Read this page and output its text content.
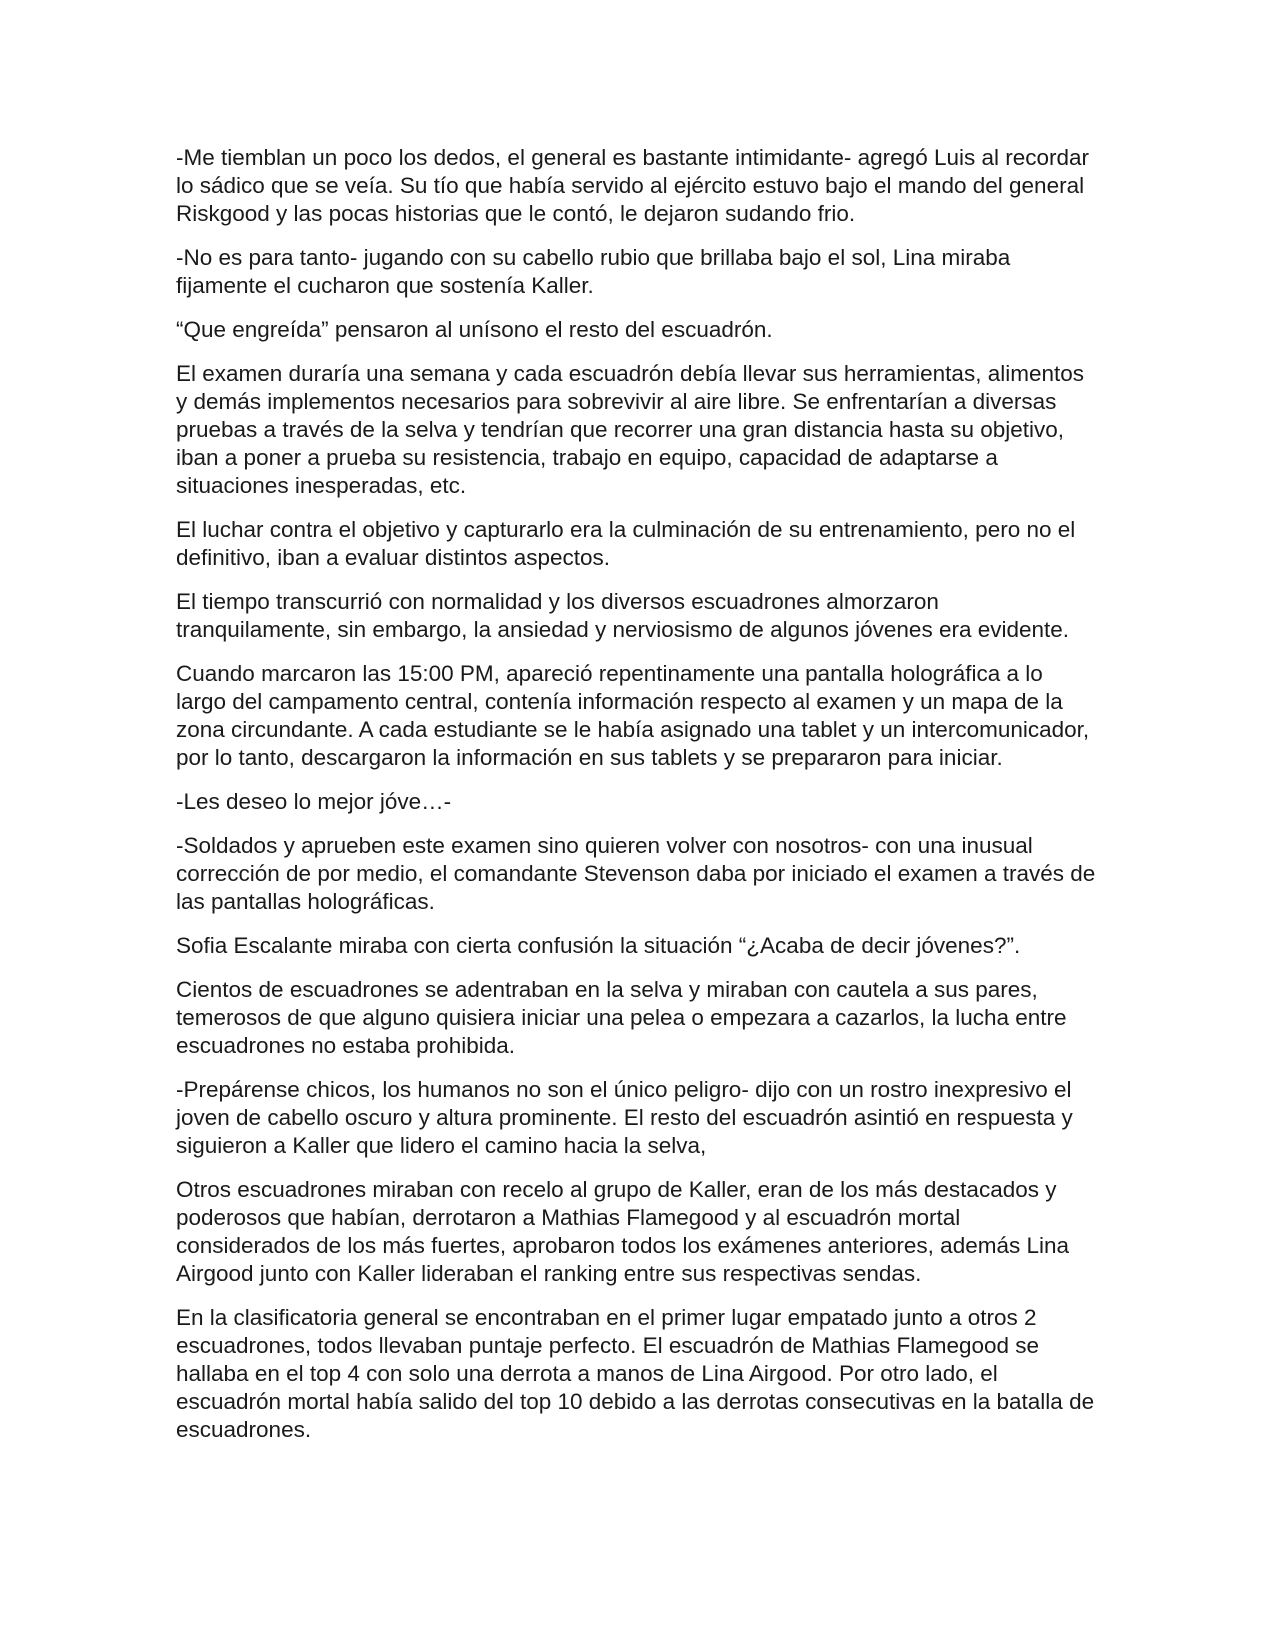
-Me tiemblan un poco los dedos, el general es bastante intimidante- agregó Luis al recordar lo sádico que se veía. Su tío que había servido al ejército estuvo bajo el mando del general Riskgood y las pocas historias que le contó, le dejaron sudando frio.

-No es para tanto- jugando con su cabello rubio que brillaba bajo el sol, Lina miraba fijamente el cucharon que sostenía Kaller.

“Que engreída” pensaron al unísono el resto del escuadrón.

El examen duraría una semana y cada escuadrón debía llevar sus herramientas, alimentos y demás implementos necesarios para sobrevivir al aire libre. Se enfrentarían a diversas pruebas a través de la selva y tendrían que recorrer una gran distancia hasta su objetivo, iban a poner a prueba su resistencia, trabajo en equipo, capacidad de adaptarse a situaciones inesperadas, etc.

El luchar contra el objetivo y capturarlo era la culminación de su entrenamiento, pero no el definitivo, iban a evaluar distintos aspectos.

El tiempo transcurrió con normalidad y los diversos escuadrones almorzaron tranquilamente, sin embargo, la ansiedad y nerviosismo de algunos jóvenes era evidente.

Cuando marcaron las 15:00 PM, apareció repentinamente una pantalla holográfica a lo largo del campamento central, contenía información respecto al examen y un mapa de la zona circundante. A cada estudiante se le había asignado una tablet y un intercomunicador, por lo tanto, descargaron la información en sus tablets y se prepararon para iniciar.

-Les deseo lo mejor jóve…-

-Soldados y aprueben este examen sino quieren volver con nosotros- con una inusual corrección de por medio, el comandante Stevenson daba por iniciado el examen a través de las pantallas holográficas.

Sofia Escalante miraba con cierta confusión la situación “¿Acaba de decir jóvenes?”.

Cientos de escuadrones se adentraban en la selva y miraban con cautela a sus pares, temerosos de que alguno quisiera iniciar una pelea o empezara a cazarlos, la lucha entre escuadrones no estaba prohibida.

-Prepárense chicos, los humanos no son el único peligro- dijo con un rostro inexpresivo el joven de cabello oscuro y altura prominente. El resto del escuadrón asintió en respuesta y siguieron a Kaller que lidero el camino hacia la selva,

Otros escuadrones miraban con recelo al grupo de Kaller, eran de los más destacados y poderosos que habían, derrotaron a Mathias Flamegood y al escuadrón mortal considerados de los más fuertes, aprobaron todos los exámenes anteriores, además Lina Airgood junto con Kaller lideraban el ranking entre sus respectivas sendas.

En la clasificatoria general se encontraban en el primer lugar empatado junto a otros 2 escuadrones, todos llevaban puntaje perfecto. El escuadrón de Mathias Flamegood se hallaba en el top 4 con solo una derrota a manos de Lina Airgood. Por otro lado, el escuadrón mortal había salido del top 10 debido a las derrotas consecutivas en la batalla de escuadrones.
